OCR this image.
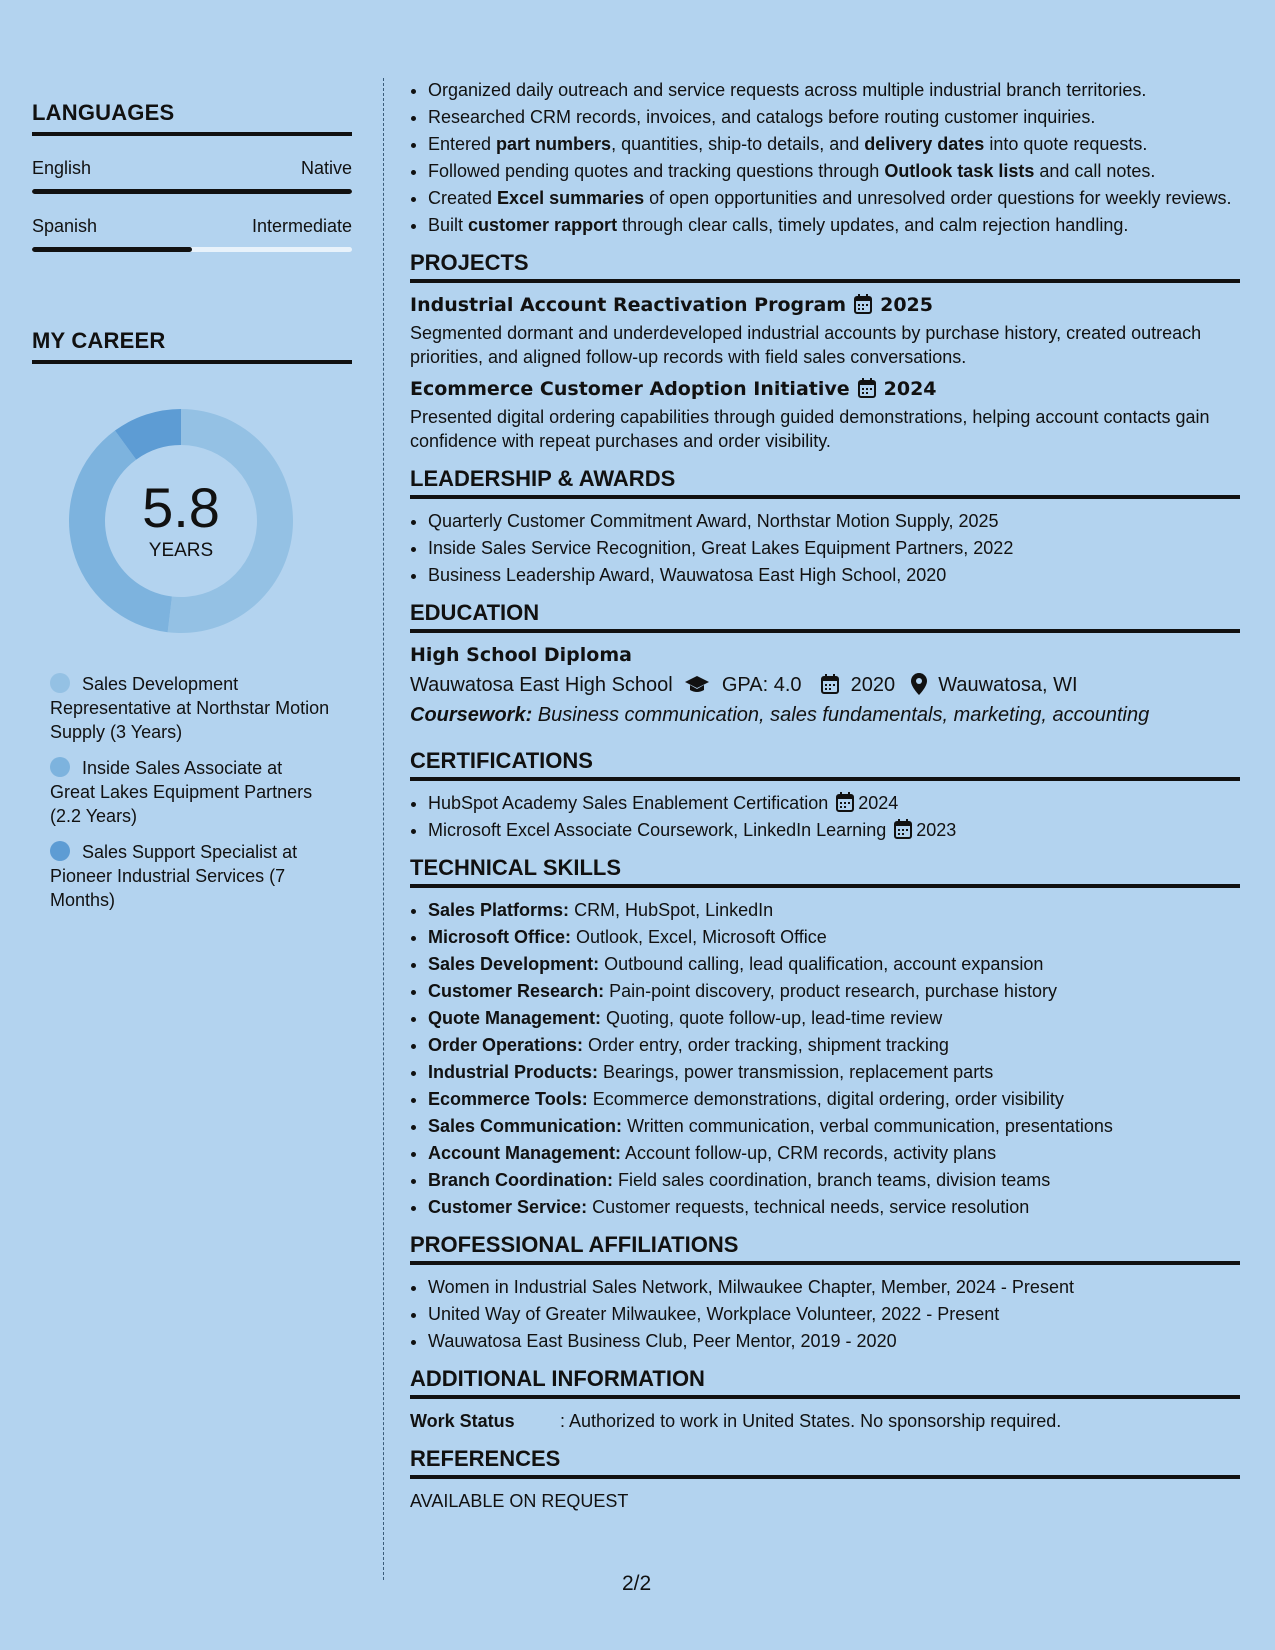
LANGUAGES
English	Native
Spanish	Intermediate
MY CAREER
5.8
YEARS
Sales Development Representative at Northstar Motion Supply (3 Years)
Inside Sales Associate at Great Lakes Equipment Partners (2.2 Years)
Sales Support Specialist at Pioneer Industrial Services (7 Months)
• Organized daily outreach and service requests across multiple industrial branch territories.
• Researched CRM records, invoices, and catalogs before routing customer inquiries.
• Entered part numbers, quantities, ship-to details, and delivery dates into quote requests.
• Followed pending quotes and tracking questions through Outlook task lists and call notes.
• Created Excel summaries of open opportunities and unresolved order questions for weekly reviews.
• Built customer rapport through clear calls, timely updates, and calm rejection handling.
PROJECTS
Industrial Account Reactivation Program 2025
Segmented dormant and underdeveloped industrial accounts by purchase history, created outreach priorities, and aligned follow-up records with field sales conversations.
Ecommerce Customer Adoption Initiative 2024
Presented digital ordering capabilities through guided demonstrations, helping account contacts gain confidence with repeat purchases and order visibility.
LEADERSHIP & AWARDS
• Quarterly Customer Commitment Award, Northstar Motion Supply, 2025
• Inside Sales Service Recognition, Great Lakes Equipment Partners, 2022
• Business Leadership Award, Wauwatosa East High School, 2020
EDUCATION
High School Diploma
Wauwatosa East High School GPA: 4.0 2020 Wauwatosa, WI
Coursework: Business communication, sales fundamentals, marketing, accounting
CERTIFICATIONS
• HubSpot Academy Sales Enablement Certification 2024
• Microsoft Excel Associate Coursework, LinkedIn Learning 2023
TECHNICAL SKILLS
• Sales Platforms: CRM, HubSpot, LinkedIn
• Microsoft Office: Outlook, Excel, Microsoft Office
• Sales Development: Outbound calling, lead qualification, account expansion
• Customer Research: Pain-point discovery, product research, purchase history
• Quote Management: Quoting, quote follow-up, lead-time review
• Order Operations: Order entry, order tracking, shipment tracking
• Industrial Products: Bearings, power transmission, replacement parts
• Ecommerce Tools: Ecommerce demonstrations, digital ordering, order visibility
• Sales Communication: Written communication, verbal communication, presentations
• Account Management: Account follow-up, CRM records, activity plans
• Branch Coordination: Field sales coordination, branch teams, division teams
• Customer Service: Customer requests, technical needs, service resolution
PROFESSIONAL AFFILIATIONS
• Women in Industrial Sales Network, Milwaukee Chapter, Member, 2024 - Present
• United Way of Greater Milwaukee, Workplace Volunteer, 2022 - Present
• Wauwatosa East Business Club, Peer Mentor, 2019 - 2020
ADDITIONAL INFORMATION
Work Status	: Authorized to work in United States. No sponsorship required.
REFERENCES
AVAILABLE ON REQUEST
2/2
